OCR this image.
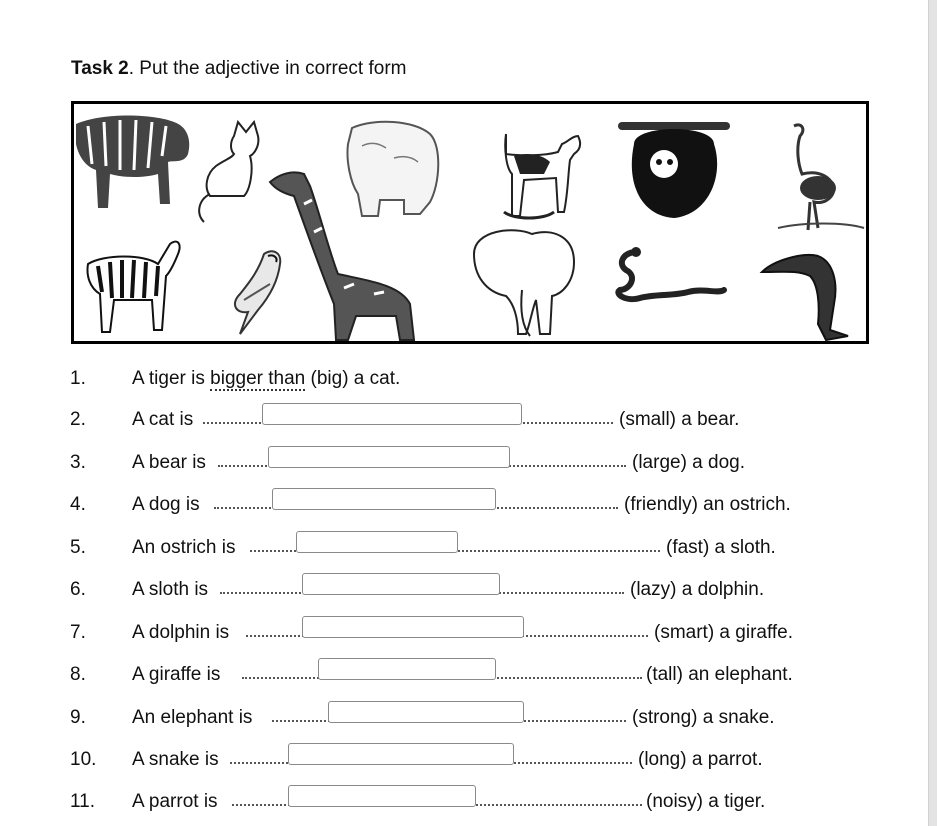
Task 2. Put the adjective in correct form
1. A tiger is bigger than (big) a cat.
2. A cat is	(small) a bear.
3. A bear is	(large) a dog.
4. A dog is	(friendly) an ostrich.
5. An ostrich is	(fast) a sloth.
6. A sloth is	(lazy) a dolphin.
7. A dolphin is	(smart) a giraffe.
8. A giraffe is	(tall) an elephant.
9. An elephant is	(strong) a snake.
10. A snake is	(long) a parrot.
11. A parrot is	(noisy) a tiger.
